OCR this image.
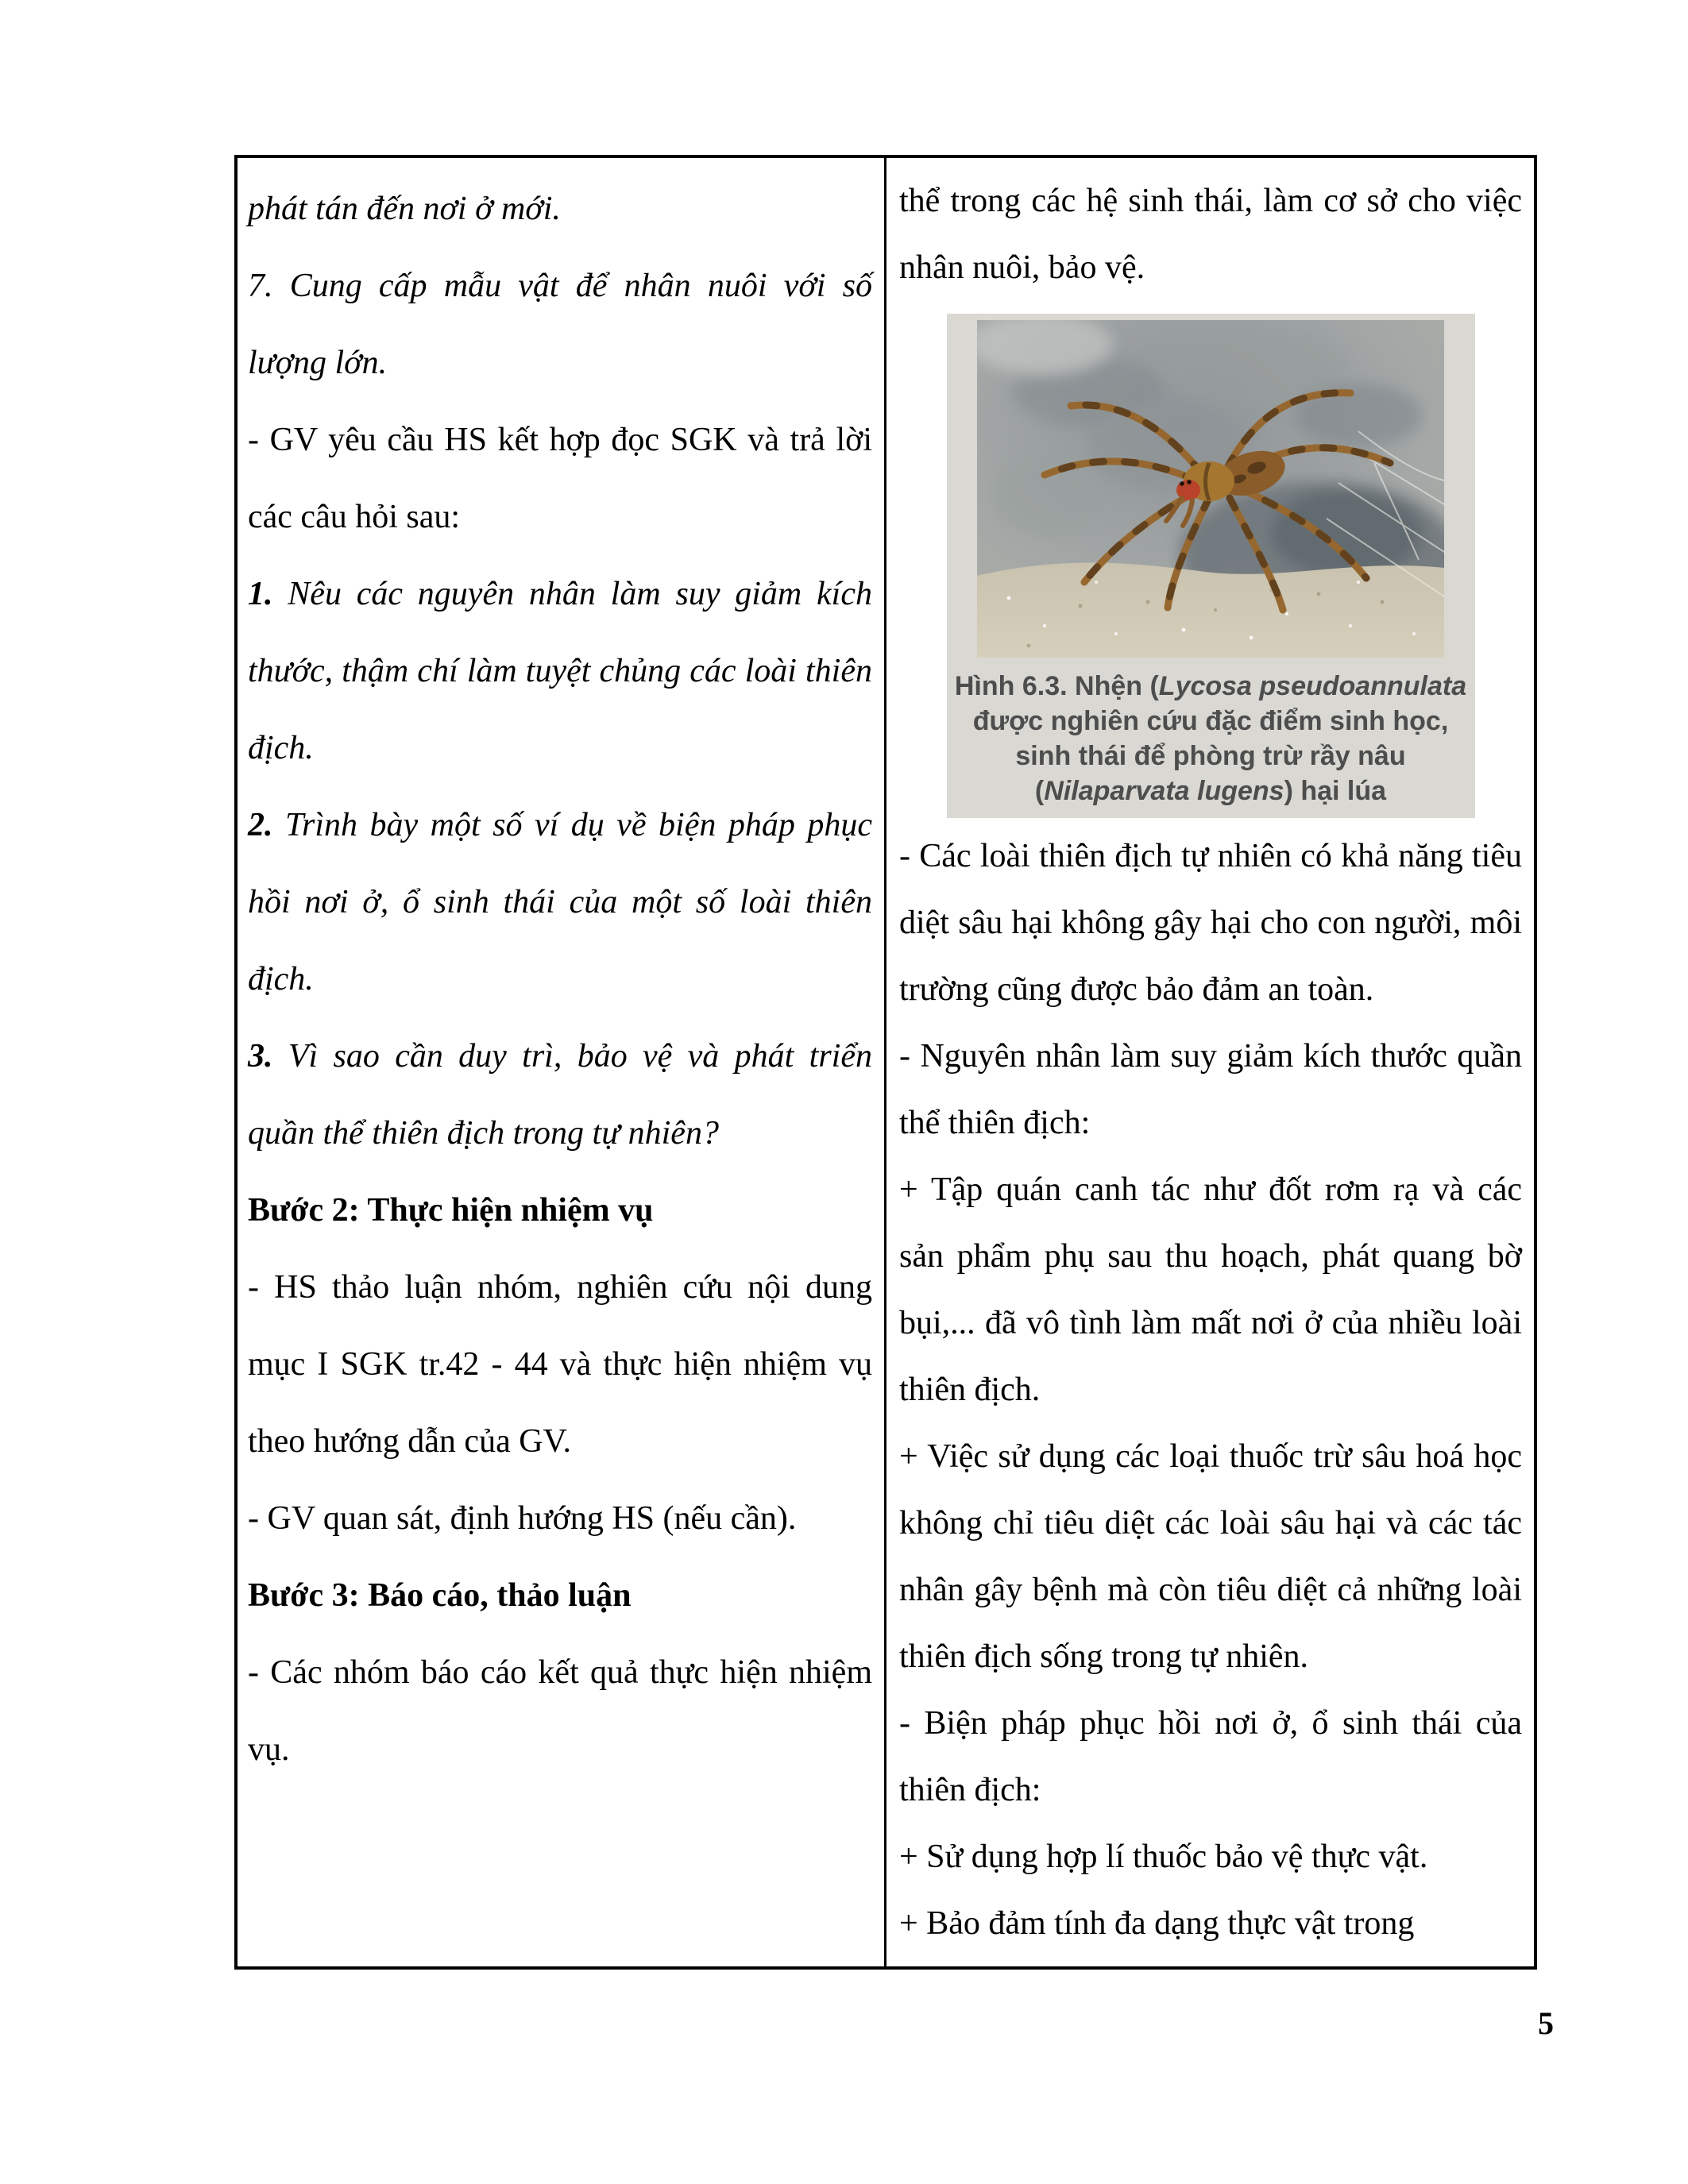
phát tán đến nơi ở mới.

7. Cung cấp mẫu vật để nhân nuôi với số lượng lớn.

- GV yêu cầu HS kết hợp đọc SGK và trả lời các câu hỏi sau:

1. Nêu các nguyên nhân làm suy giảm kích thước, thậm chí làm tuyệt chủng các loài thiên địch.

2. Trình bày một số ví dụ về biện pháp phục hồi nơi ở, ổ sinh thái của một số loài thiên địch.

3. Vì sao cần duy trì, bảo vệ và phát triển quần thể thiên địch trong tự nhiên?

Bước 2: Thực hiện nhiệm vụ

- HS thảo luận nhóm, nghiên cứu nội dung mục I SGK tr.42 - 44 và thực hiện nhiệm vụ theo hướng dẫn của GV.

- GV quan sát, định hướng HS (nếu cần).

Bước 3: Báo cáo, thảo luận

- Các nhóm báo cáo kết quả thực hiện nhiệm vụ.

thể trong các hệ sinh thái, làm cơ sở cho việc nhân nuôi, bảo vệ.

Hình 6.3. Nhện (Lycosa pseudoannulata
được nghiên cứu đặc điểm sinh học,
sinh thái để phòng trừ rầy nâu
(Nilaparvata lugens) hại lúa

- Các loài thiên địch tự nhiên có khả năng tiêu diệt sâu hại không gây hại cho con người, môi trường cũng được bảo đảm an toàn.

- Nguyên nhân làm suy giảm kích thước quần thể thiên địch:

+ Tập quán canh tác như đốt rơm rạ và các sản phẩm phụ sau thu hoạch, phát quang bờ bụi,... đã vô tình làm mất nơi ở của nhiều loài thiên địch.

+ Việc sử dụng các loại thuốc trừ sâu hoá học không chỉ tiêu diệt các loài sâu hại và các tác nhân gây bệnh mà còn tiêu diệt cả những loài thiên địch sống trong tự nhiên.

- Biện pháp phục hồi nơi ở, ổ sinh thái của thiên địch:

+ Sử dụng hợp lí thuốc bảo vệ thực vật.

+ Bảo đảm tính đa dạng thực vật trong

5
